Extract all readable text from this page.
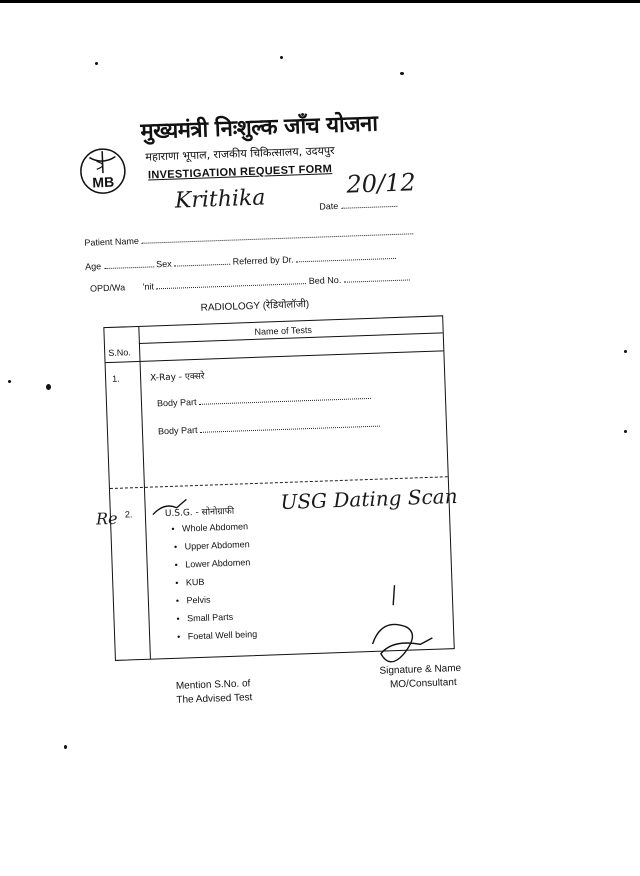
MB
मुख्यमंत्री निःशुल्क जाँच योजना
महाराणा भूपाल, राजकीय चिकित्सालय, उदयपुर
INVESTIGATION REQUEST FORM
Krithika	Date
20/12
Patient Name
Age	Sex	Referred by Dr.
OPD/Wa 'nit  Bed No.
RADIOLOGY (रेडियोलॉजी)
Name of Tests
S.No.
1.	X-Ray - एक्सरे
Body Part
Body Part
2.	U.S.G. - सोनोग्राफी
•   Whole Abdomen
•   Upper Abdomen
•   Lower Abdomen
•   KUB
•   Pelvis
•   Small Parts
•   Foetal Well being
USG Dating Scan
Re
Mention S.No. of
The Advised Test
Signature & Name
MO/Consultant
